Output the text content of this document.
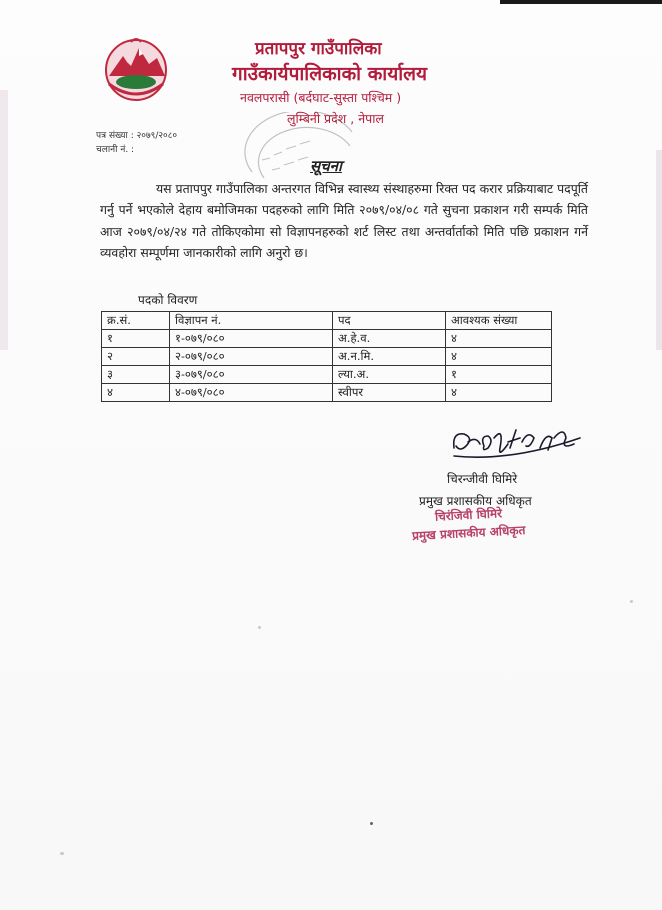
प्रतापपुर गाउँपालिका
गाउँकार्यपालिकाको कार्यालय
नवलपरासी (बर्दघाट-सुस्ता पश्चिम )
लुम्बिनी प्रदेश , नेपाल
पत्र संख्या : २०७९/२०८०
चलानी नं. :
सूचना
यस प्रतापपुर गाउँपालिका अन्तरगत विभिन्न स्वास्थ्य संस्थाहरुमा रिक्त पद करार प्रक्रियाबाट पदपूर्ति गर्नु पर्ने भएकोले देहाय बमोजिमका पदहरुको लागि मिति २०७९/०४/०८ गते सुचना प्रकाशन गरी सम्पर्क मिति आज २०७९/०४/२४ गते तोकिएकोमा सो विज्ञापनहरुको शर्ट लिस्ट तथा अन्तर्वार्ताको मिति पछि प्रकाशन गर्ने व्यवहोरा सम्पूर्णमा जानकारीको लागि अनुरो छ।
पदको विवरण
क्र.सं.	विज्ञापन नं.	पद	आवश्यक संख्या
१	१-०७९/०८०	अ.हे.व.	४
२	२-०७९/०८०	अ.न.मि.	४
३	३-०७९/०८०	ल्या.अ.	१
४	४-०७९/०८०	स्वीपर	४
चिरन्जीवी घिमिरे
प्रमुख प्रशासकीय अधिकृत
चिरंजिवी घिमिरे
प्रमुख प्रशासकीय अधिकृत
